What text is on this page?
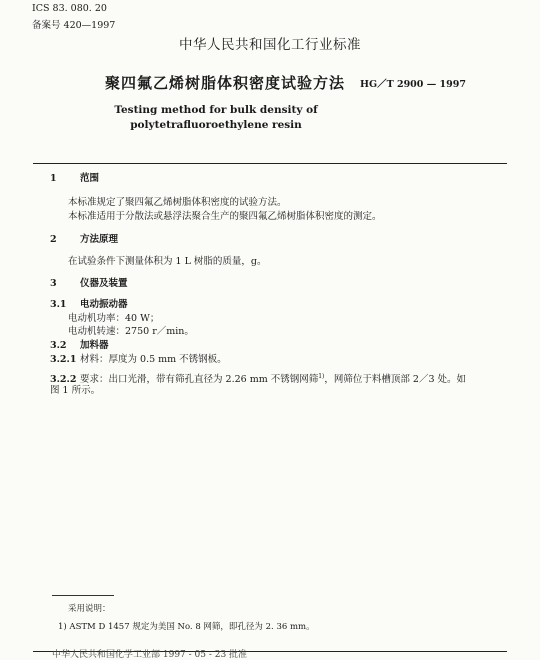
ICS 83. 080. 20
备案号 420—1997
中华人民共和国化工行业标准
聚四氟乙烯树脂体积密度试验方法 HG／T 2900 — 1997
Testing method for bulk density of
polytetrafluoroethylene resin
1 范围
本标准规定了聚四氟乙烯树脂体积密度的试验方法。
本标准适用于分散法或悬浮法聚合生产的聚四氟乙烯树脂体积密度的测定。
2 方法原理
在试验条件下测量体积为 1 L 树脂的质量，g。
3 仪器及装置
3.1 电动振动器
电动机功率：40 W；
电动机转速：2750 r／min。
3.2 加料器
3.2.1 材料：厚度为 0.5 mm 不锈钢板。
3.2.2 要求：出口光滑，带有筛孔直径为 2.26 mm 不锈钢网筛$^{1)}$，网筛位于料槽顶部 2／3 处。如
图 1 所示。
采用说明：
1) ASTM D 1457 规定为美国 No. 8 网筛，即孔径为 2. 36 mm。
中华人民共和国化学工业部 1997 - 05 - 23 批准
